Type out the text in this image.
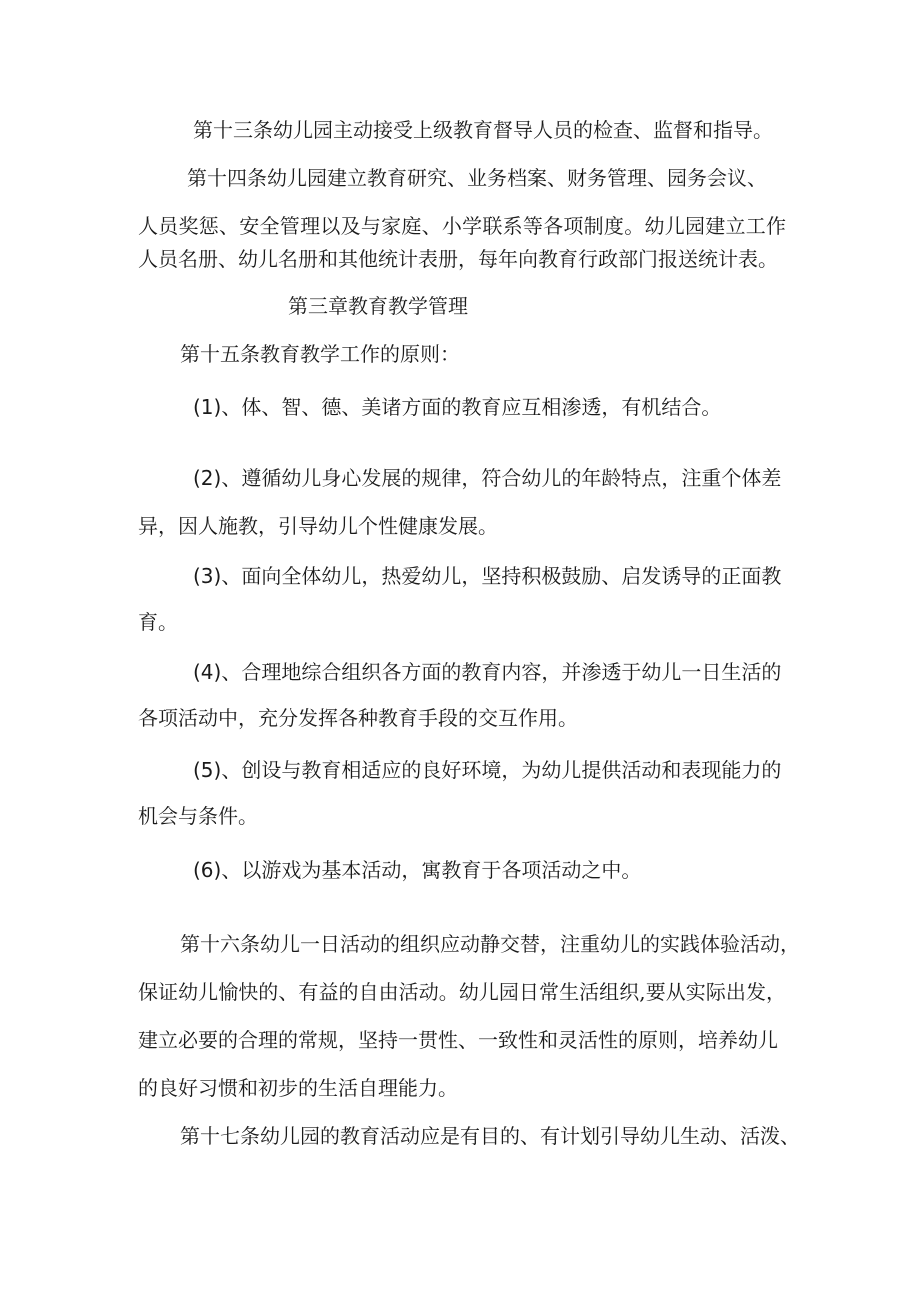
第十三条幼儿园主动接受上级教育督导人员的检查、监督和指导。
第十四条幼儿园建立教育研究、业务档案、财务管理、园务会议、
人员奖惩、安全管理以及与家庭、小学联系等各项制度。幼儿园建立工作
人员名册、幼儿名册和其他统计表册，每年向教育行政部门报送统计表。
第三章教育教学管理
第十五条教育教学工作的原则：
(1)、体、智、德、美诸方面的教育应互相渗透，有机结合。
(2)、遵循幼儿身心发展的规律，符合幼儿的年龄特点，注重个体差
异，因人施教，引导幼儿个性健康发展。
(3)、面向全体幼儿，热爱幼儿，坚持积极鼓励、启发诱导的正面教
育。
(4)、合理地综合组织各方面的教育内容，并渗透于幼儿一日生活的
各项活动中，充分发挥各种教育手段的交互作用。
(5)、创设与教育相适应的良好环境，为幼儿提供活动和表现能力的
机会与条件。
(6)、以游戏为基本活动，寓教育于各项活动之中。
第十六条幼儿一日活动的组织应动静交替，注重幼儿的实践体验活动，
保证幼儿愉快的、有益的自由活动。幼儿园日常生活组织,要从实际出发，
建立必要的合理的常规，坚持一贯性、一致性和灵活性的原则，培养幼儿
的良好习惯和初步的生活自理能力。
第十七条幼儿园的教育活动应是有目的、有计划引导幼儿生动、活泼、
